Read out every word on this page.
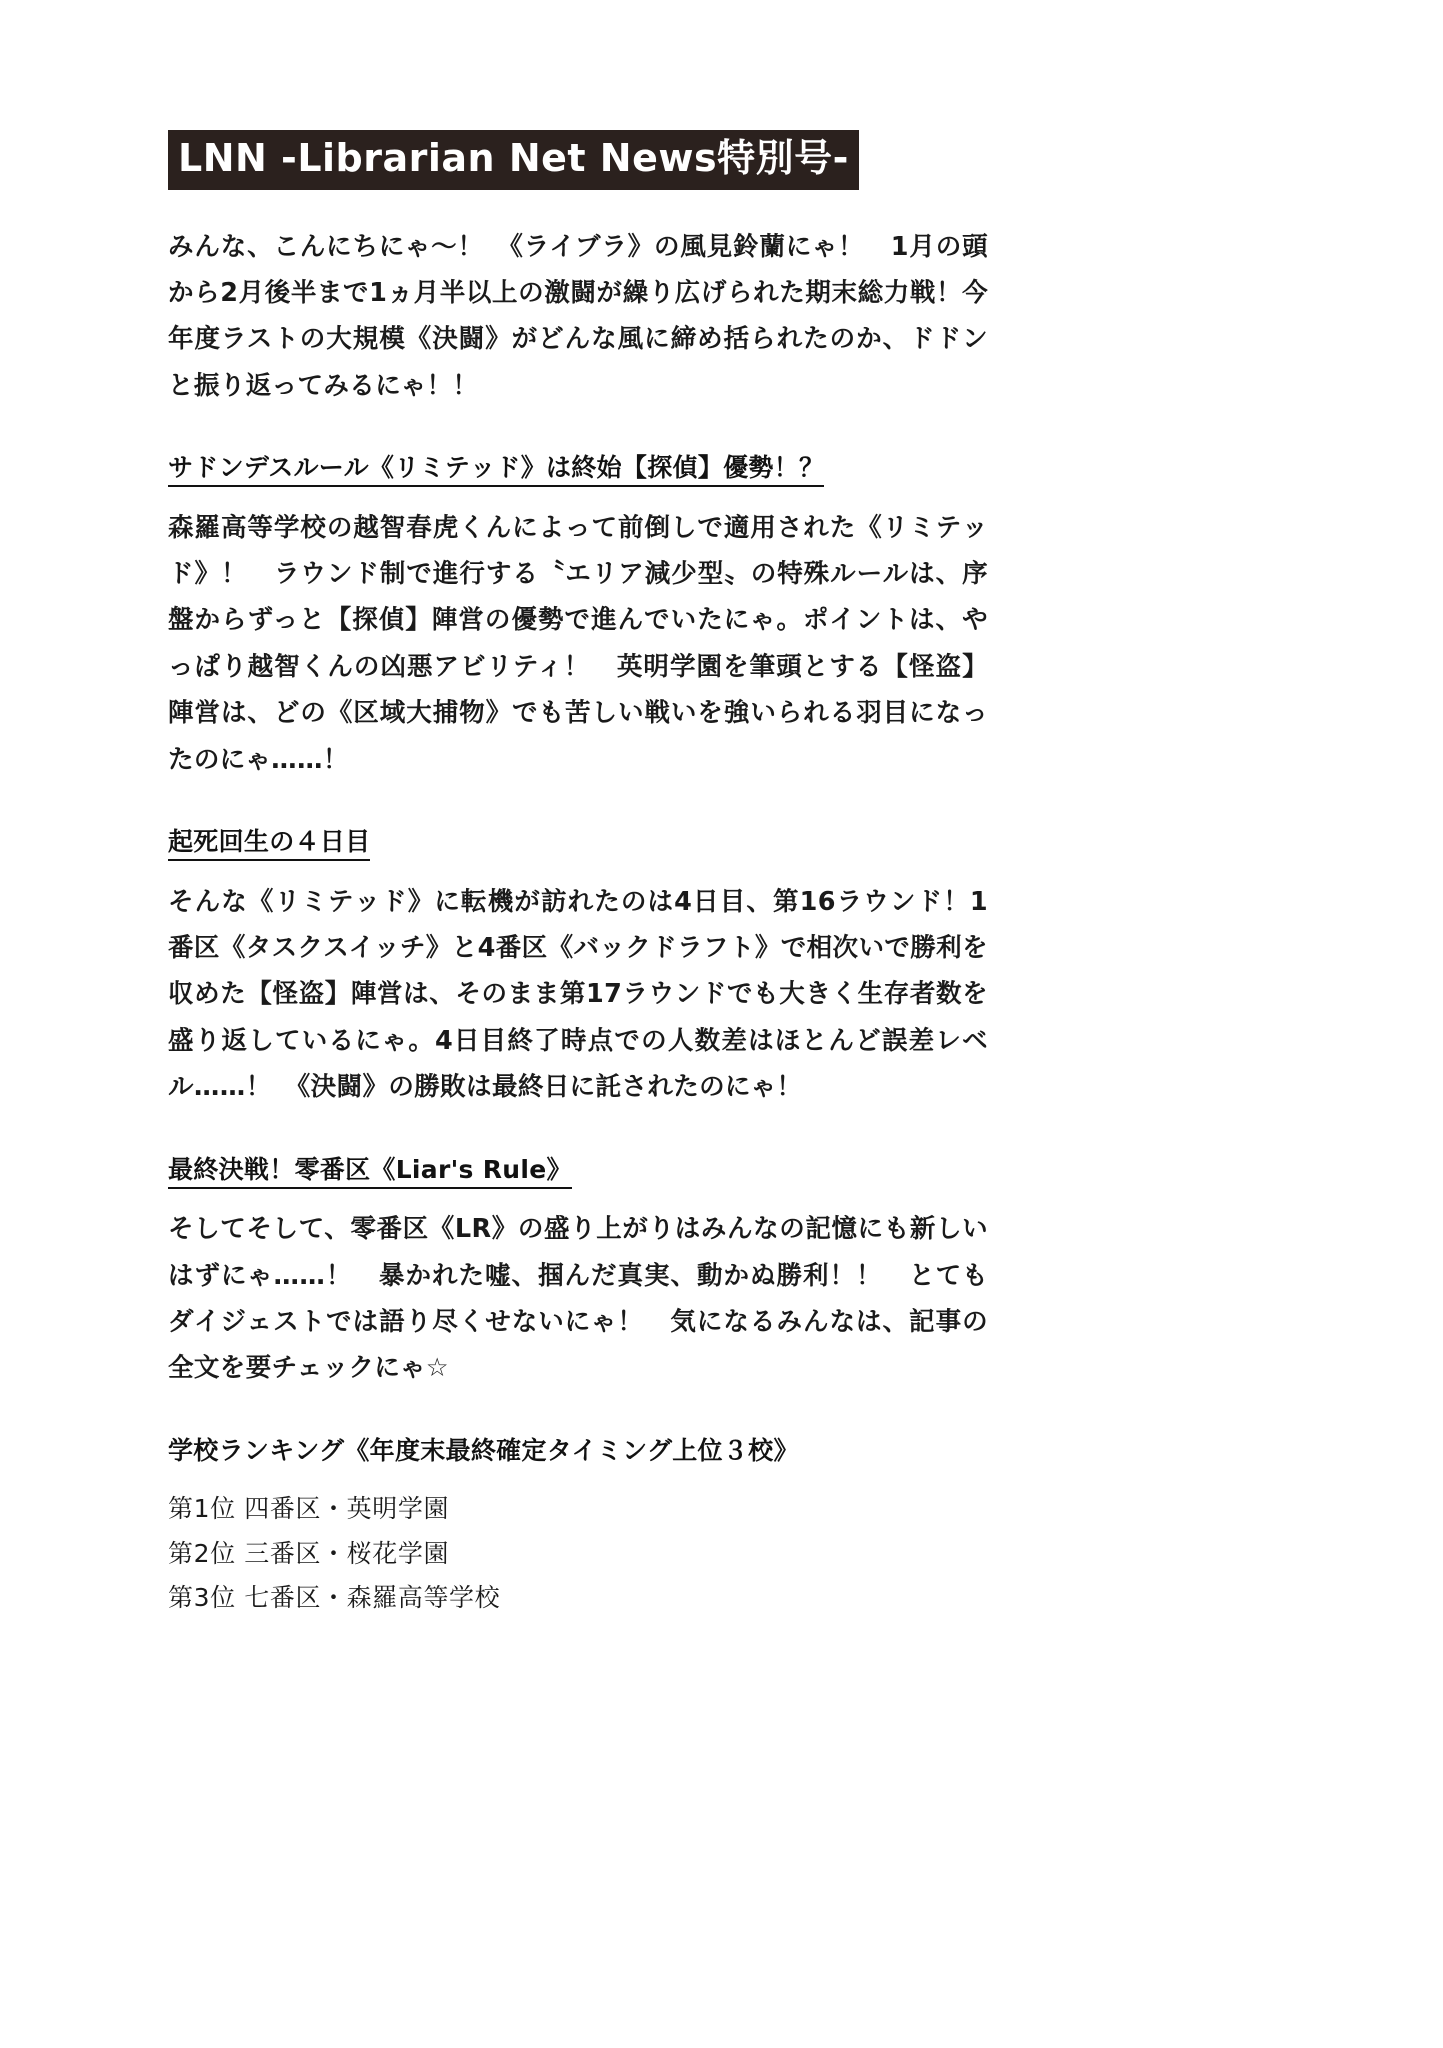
LNN -Librarian Net News特別号-

みんな、こんにちにゃ〜！　《ライブラ》の風見鈴蘭にゃ！　1月の頭から2月後半まで1ヵ月半以上の激闘が繰り広げられた期末総力戦！今年度ラストの大規模《決闘》がどんな風に締め括られたのか、ドドンと振り返ってみるにゃ！！

サドンデスルール《リミテッド》は終始【探偵】優勢！？

森羅高等学校の越智春虎くんによって前倒しで適用された《リミテッド》！　ラウンド制で進行する〝エリア減少型〟の特殊ルールは、序盤からずっと【探偵】陣営の優勢で進んでいたにゃ。ポイントは、やっぱり越智くんの凶悪アビリティ！　英明学園を筆頭とする【怪盗】陣営は、どの《区域大捕物》でも苦しい戦いを強いられる羽目になったのにゃ……！

起死回生の４日目

そんな《リミテッド》に転機が訪れたのは4日目、第16ラウンド！1番区《タスクスイッチ》と4番区《バックドラフト》で相次いで勝利を収めた【怪盗】陣営は、そのまま第17ラウンドでも大きく生存者数を盛り返しているにゃ。4日目終了時点での人数差はほとんど誤差レベル……！　《決闘》の勝敗は最終日に託されたのにゃ！

最終決戦！零番区《Liar's Rule》

そしてそして、零番区《LR》の盛り上がりはみんなの記憶にも新しいはずにゃ……！　暴かれた嘘、掴んだ真実、動かぬ勝利！！　とてもダイジェストでは語り尽くせないにゃ！　気になるみんなは、記事の全文を要チェックにゃ☆

学校ランキング《年度末最終確定タイミング上位３校》
第1位 四番区・英明学園
第2位 三番区・桜花学園
第3位 七番区・森羅高等学校
